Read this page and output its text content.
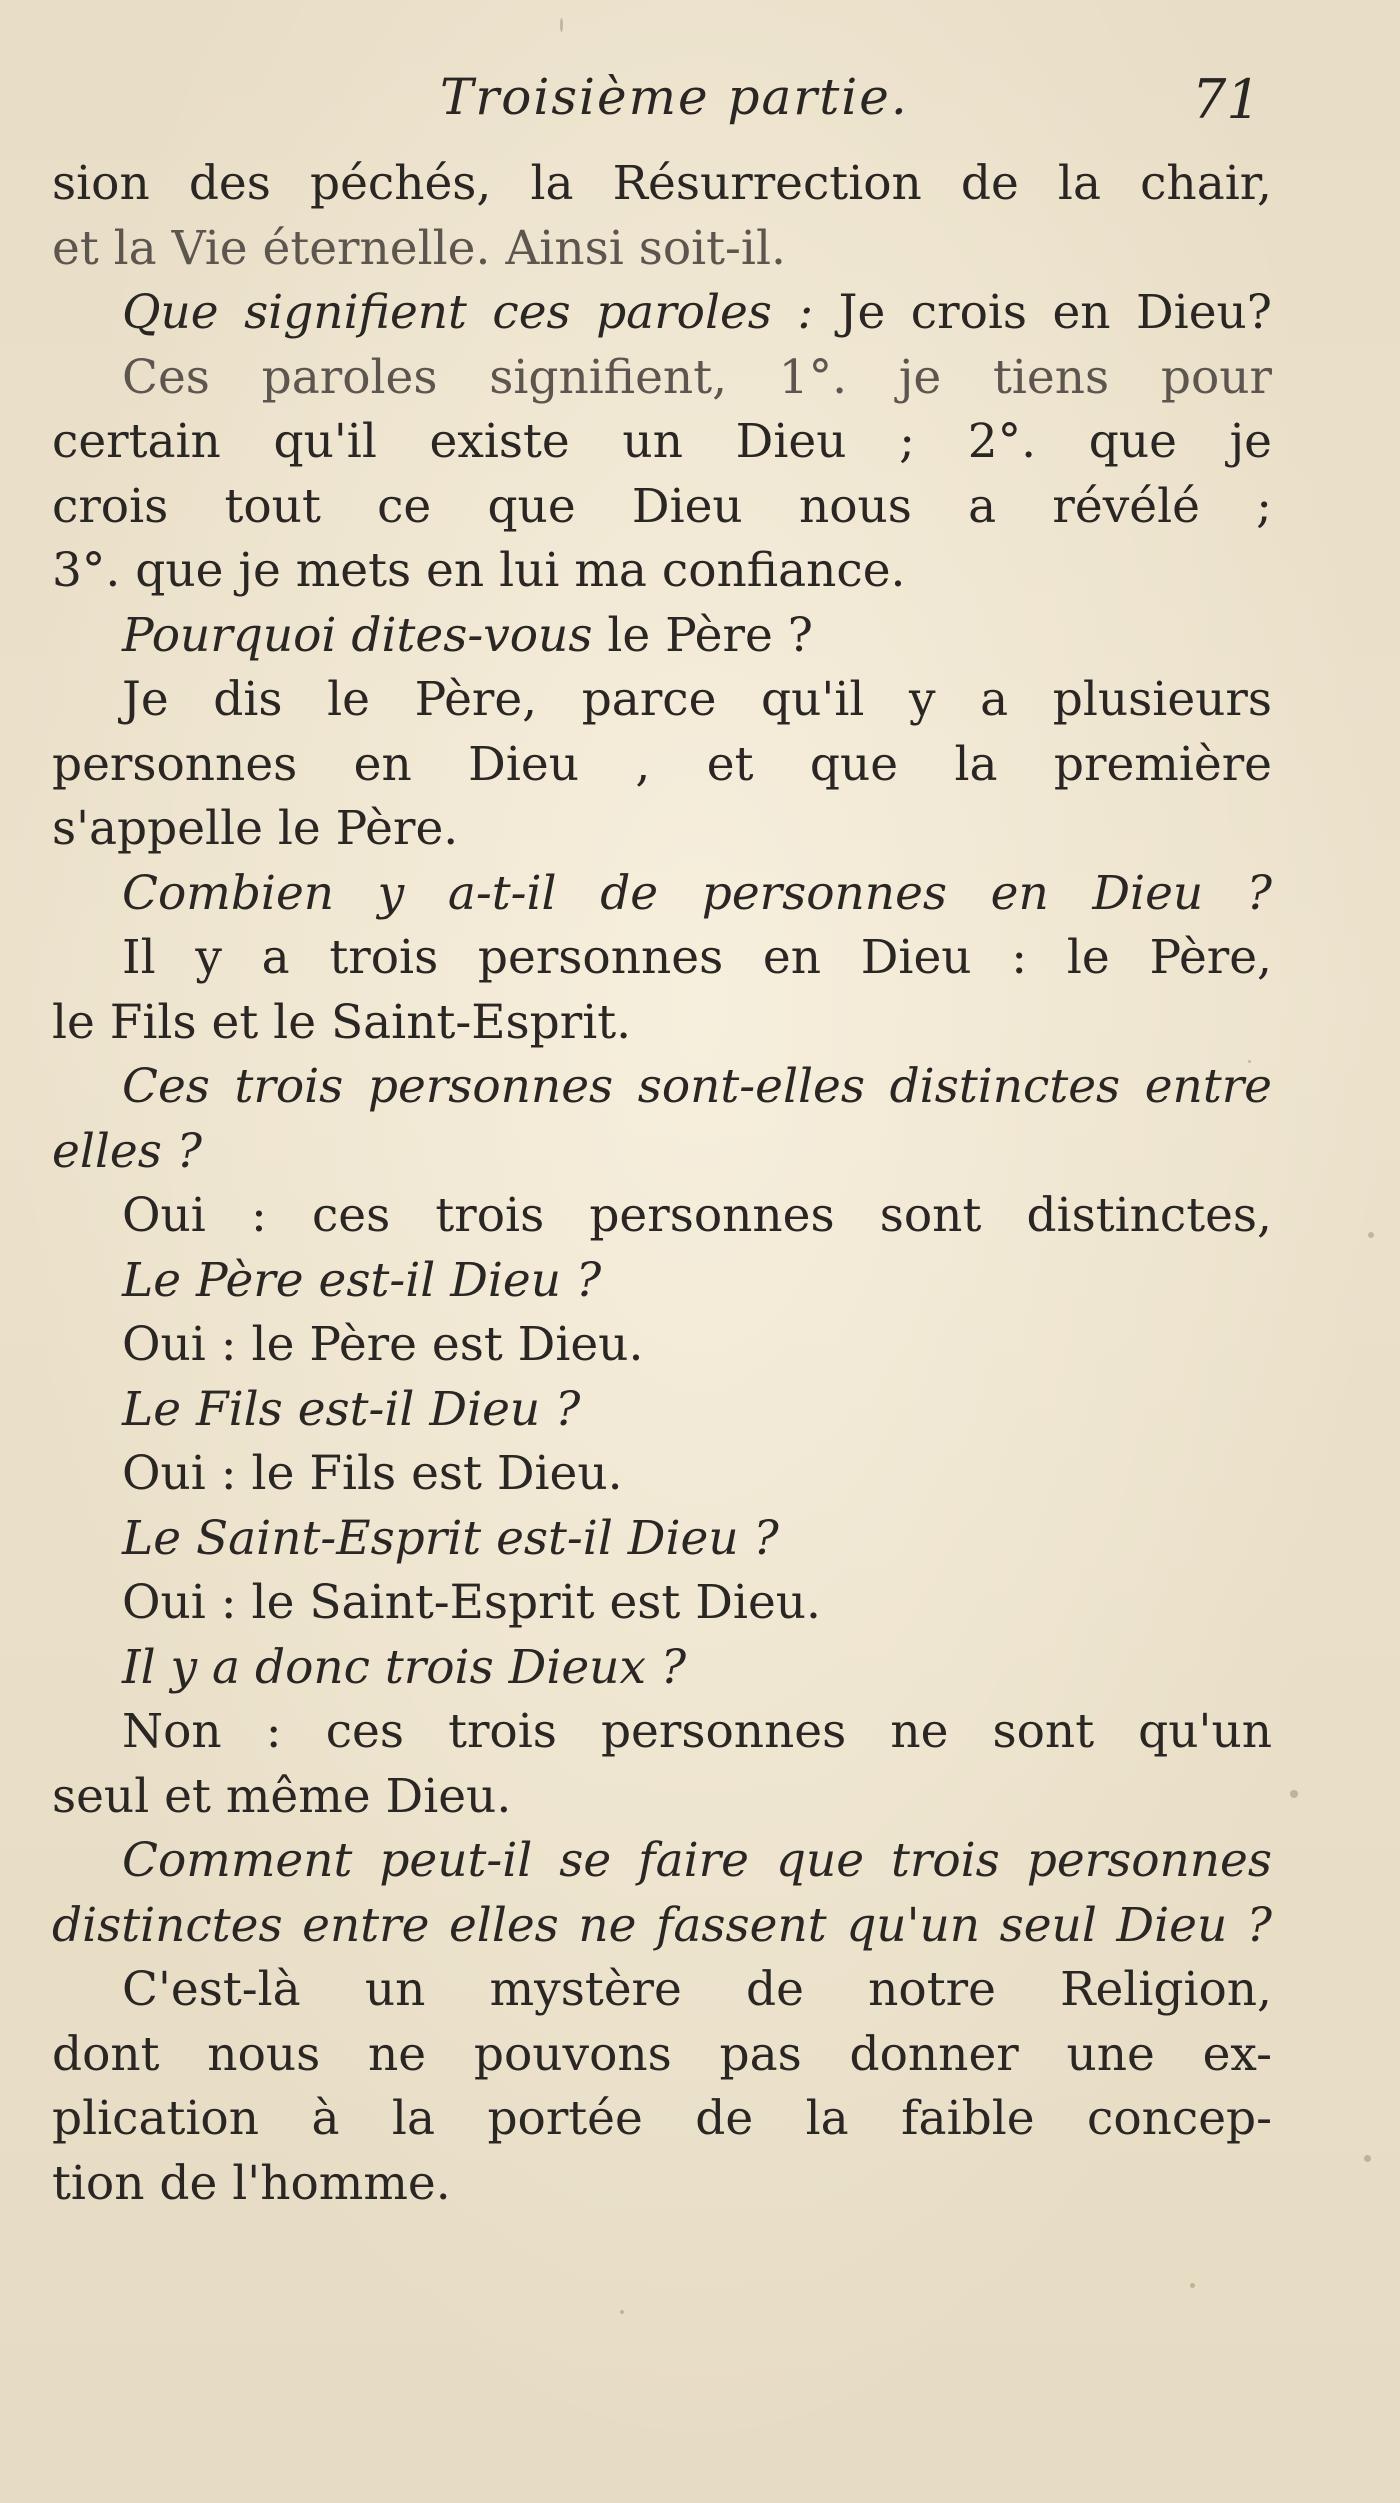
Troisième partie.	71
sion des péchés, la Résurrection de la chair,
et la Vie éternelle. Ainsi soit-il.
Que signifient ces paroles : Je crois en Dieu?
Ces paroles signifient, 1°. je tiens pour
certain qu'il existe un Dieu ; 2°. que je
crois tout ce que Dieu nous a révélé ;
3°. que je mets en lui ma confiance.
Pourquoi dites-vous le Père ?
Je dis le Père, parce qu'il y a plusieurs
personnes en Dieu , et que la première
s'appelle le Père.
Combien y a-t-il de personnes en Dieu ?
Il y a trois personnes en Dieu : le Père,
le Fils et le Saint-Esprit.
Ces trois personnes sont-elles distinctes entre
elles ?
Oui : ces trois personnes sont distinctes,
Le Père est-il Dieu ?
Oui : le Père est Dieu.
Le Fils est-il Dieu ?
Oui : le Fils est Dieu.
Le Saint-Esprit est-il Dieu ?
Oui : le Saint-Esprit est Dieu.
Il y a donc trois Dieux ?
Non : ces trois personnes ne sont qu'un
seul et même Dieu.
Comment peut-il se faire que trois personnes
distinctes entre elles ne fassent qu'un seul Dieu ?
C'est-là un mystère de notre Religion,
dont nous ne pouvons pas donner une ex-
plication à la portée de la faible concep-
tion de l'homme.
